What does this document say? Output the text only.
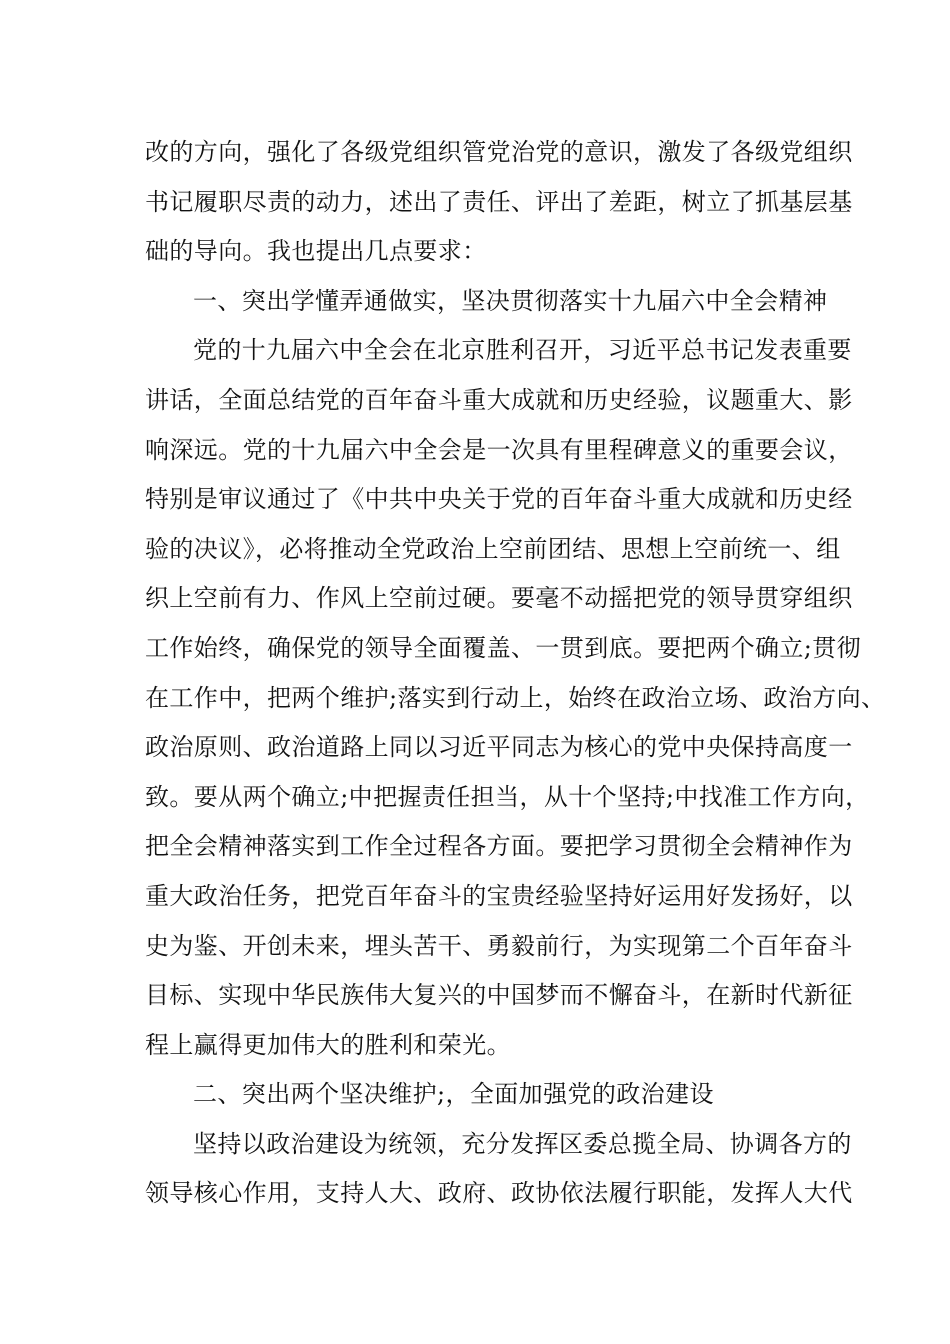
改的方向，强化了各级党组织管党治党的意识，激发了各级党组织
书记履职尽责的动力，述出了责任、评出了差距，树立了抓基层基
础的导向。我也提出几点要求：
一、突出学懂弄通做实，坚决贯彻落实十九届六中全会精神
党的十九届六中全会在北京胜利召开，习近平总书记发表重要
讲话，全面总结党的百年奋斗重大成就和历史经验，议题重大、影
响深远。党的十九届六中全会是一次具有里程碑意义的重要会议，
特别是审议通过了《中共中央关于党的百年奋斗重大成就和历史经
验的决议》，必将推动全党政治上空前团结、思想上空前统一、组
织上空前有力、作风上空前过硬。要毫不动摇把党的领导贯穿组织
工作始终，确保党的领导全面覆盖、一贯到底。要把两个确立;贯彻
在工作中，把两个维护;落实到行动上，始终在政治立场、政治方向、
政治原则、政治道路上同以习近平同志为核心的党中央保持高度一
致。要从两个确立;中把握责任担当，从十个坚持;中找准工作方向，
把全会精神落实到工作全过程各方面。要把学习贯彻全会精神作为
重大政治任务，把党百年奋斗的宝贵经验坚持好运用好发扬好，以
史为鉴、开创未来，埋头苦干、勇毅前行，为实现第二个百年奋斗
目标、实现中华民族伟大复兴的中国梦而不懈奋斗，在新时代新征
程上赢得更加伟大的胜利和荣光。
二、突出两个坚决维护;，全面加强党的政治建设
坚持以政治建设为统领，充分发挥区委总揽全局、协调各方的
领导核心作用，支持人大、政府、政协依法履行职能，发挥人大代
